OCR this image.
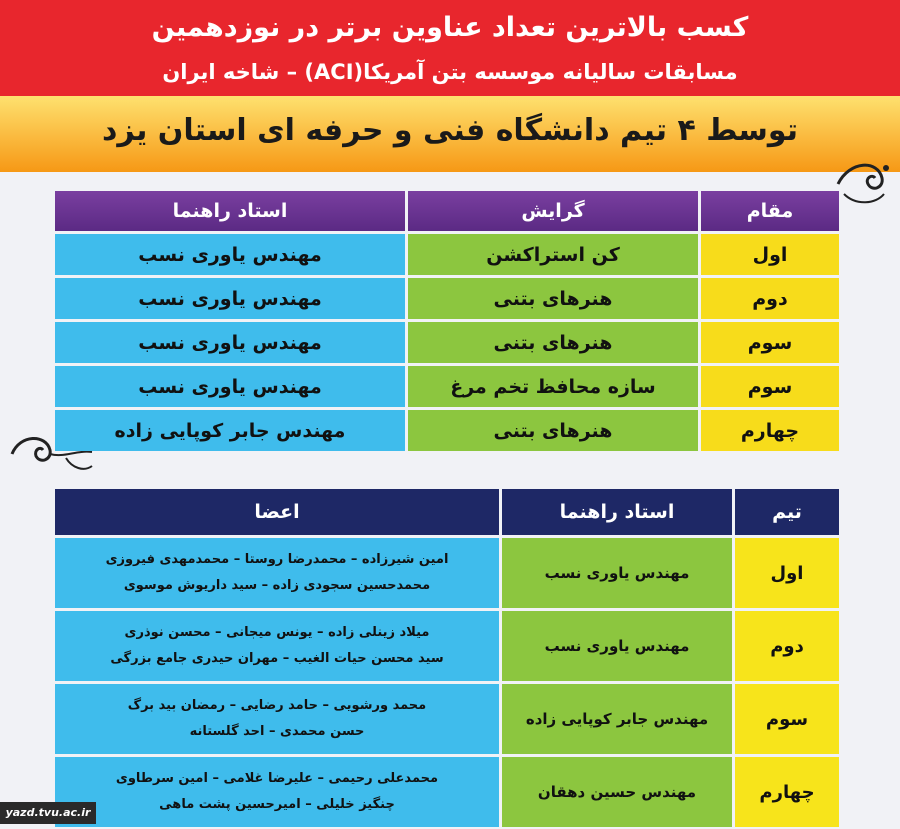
کسب بالاترین تعداد عناوین برتر در نوزدهمین
مسابقات سالیانه موسسه بتن آمریکا(ACI) – شاخه ایران
توسط ۴ تیم دانشگاه فنی و حرفه ای استان یزد
مقام	گرایش	استاد راهنما
اول	کن استراکشن	مهندس یاوری نسب
دوم	هنرهای بتنی	مهندس یاوری نسب
سوم	هنرهای بتنی	مهندس یاوری نسب
سوم	سازه محافظ تخم مرغ	مهندس یاوری نسب
چهارم	هنرهای بتنی	مهندس جابر کوپایی زاده
تیم	استاد راهنما	اعضا
اول	مهندس یاوری نسب	امین شیرزاده – محمدرضا روستا – محمدمهدی فیروزی
محمدحسین سجودی زاده – سید داریوش موسوی

دوم	مهندس یاوری نسب	میلاد زینلی زاده – یونس میجانی – محسن نوذری
سید محسن حیات الغیب – مهران حیدری جامع بزرگی

سوم	مهندس جابر کوپایی زاده	محمد ورشویی – حامد رضایی – رمضان بید برگ
حسن محمدی – احد گلستانه

چهارم	مهندس حسین دهقان	محمدعلی رحیمی – علیرضا غلامی – امین سرطاوی
چنگیز خلیلی – امیرحسین پشت ماهی
yazd.tvu.ac.ir
